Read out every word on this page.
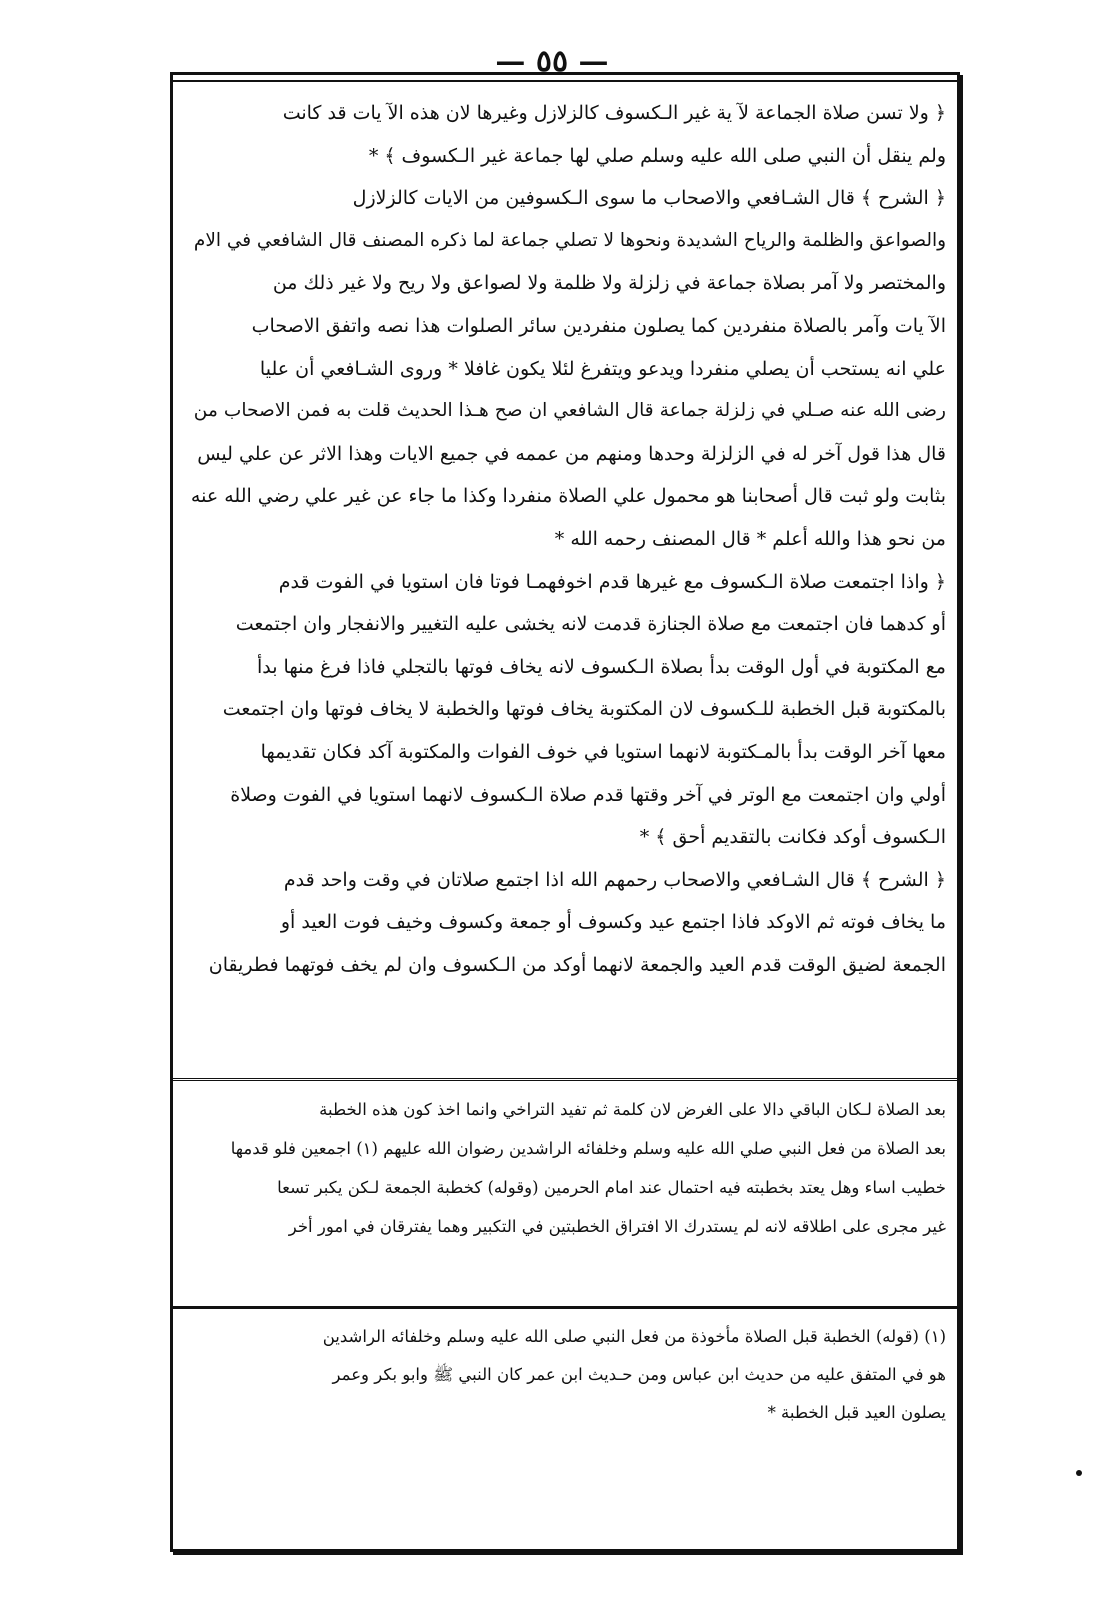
— ٥٥ —
﴿ ولا تسن صلاة الجماعة لآ ية غير الـكسوف كالزلازل وغيرها لان هذه الآ يات قد كانت
ولم ينقل أن النبي صلى الله عليه وسلم صلي لها جماعة غير الـكسوف ﴾ *
﴿ الشرح ﴾ قال الشـافعي والاصحاب ما سوى الـكسوفين من الايات كالزلازل
والصواعق والظلمة والرياح الشديدة ونحوها لا تصلي جماعة لما ذكره المصنف قال الشافعي في الام
والمختصر ولا آمر بصلاة جماعة في زلزلة ولا ظلمة ولا لصواعق ولا ريح ولا غير ذلك من
الآ يات وآمر بالصلاة منفردين كما يصلون منفردين سائر الصلوات هذا نصه واتفق الاصحاب
علي انه يستحب أن يصلي منفردا ويدعو ويتفرغ لئلا يكون غافلا * وروى الشـافعي أن عليا
رضى الله عنه صـلي في زلزلة جماعة قال الشافعي ان صح هـذا الحديث قلت به فمن الاصحاب من
قال هذا قول آخر له في الزلزلة وحدها ومنهم من عممه في جميع الايات وهذا الاثر عن علي ليس
بثابت ولو ثبت قال أصحابنا هو محمول علي الصلاة منفردا وكذا ما جاء عن غير علي رضي الله عنه
من نحو هذا والله أعلم * قال المصنف رحمه الله *
﴿ واذا اجتمعت صلاة الـكسوف مع غيرها قدم اخوفهمـا فوتا فان استويا في الفوت قدم
أو كدهما فان اجتمعت مع صلاة الجنازة قدمت لانه يخشى عليه التغيير والانفجار وان اجتمعت
مع المكتوبة في أول الوقت بدأ بصلاة الـكسوف لانه يخاف فوتها بالتجلي فاذا فرغ منها بدأ
بالمكتوبة قبل الخطبة للـكسوف لان المكتوبة يخاف فوتها والخطبة لا يخاف فوتها وان اجتمعت
معها آخر الوقت بدأ بالمـكتوبة لانهما استويا في خوف الفوات والمكتوبة آكد فكان تقديمها
أولي وان اجتمعت مع الوتر في آخر وقتها قدم صلاة الـكسوف لانهما استويا في الفوت وصلاة
الـكسوف أوكد فكانت بالتقديم أحق ﴾ *
﴿ الشرح ﴾ قال الشـافعي والاصحاب رحمهم الله اذا اجتمع صلاتان في وقت واحد قدم
ما يخاف فوته ثم الاوكد فاذا اجتمع عيد وكسوف أو جمعة وكسوف وخيف فوت العيد أو
الجمعة لضيق الوقت قدم العيد والجمعة لانهما أوكد من الـكسوف وان لم يخف فوتهما فطريقان
بعد الصلاة لـكان الباقي دالا على الغرض لان كلمة ثم تفيد التراخي وانما اخذ كون هذه الخطبة
بعد الصلاة من فعل النبي صلي الله عليه وسلم وخلفائه الراشدين رضوان الله عليهم (١) اجمعين فلو قدمها
خطيب اساء وهل يعتد بخطبته فيه احتمال عند امام الحرمين (وقوله) كخطبة الجمعة لـكن يكبر تسعا
غير مجرى على اطلاقه لانه لم يستدرك الا افتراق الخطبتين في التكبير وهما يفترقان في امور أخر
(١) (قوله) الخطبة قبل الصلاة مأخوذة من فعل النبي صلى الله عليه وسلم وخلفائه الراشدين
هو في المتفق عليه من حديث ابن عباس ومن حـديث ابن عمر كان النبي ﷺ وابو بكر وعمر
يصلون العيد قبل الخطبة *
